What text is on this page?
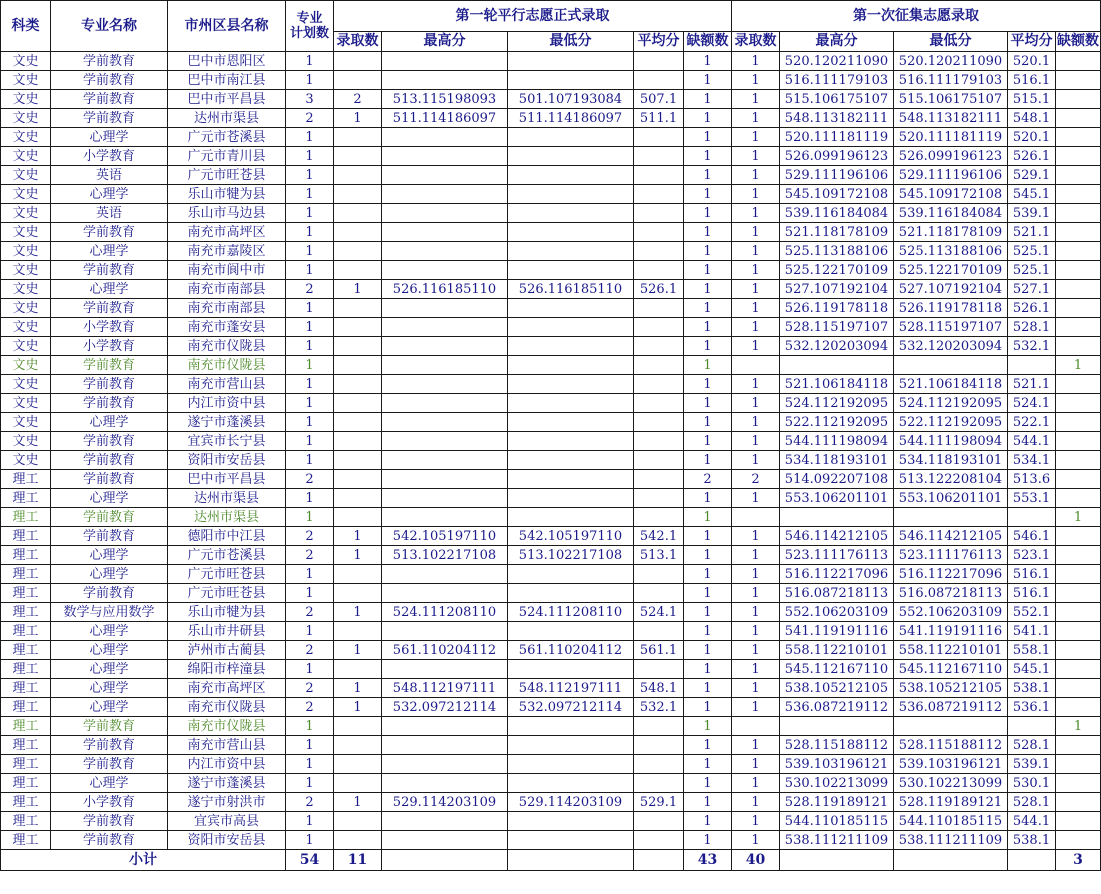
科类	专业名称	市州区县名称	专业
计划数	第一轮平行志愿正式录取					第一次征集志愿录取				
				录取数	最高分	最低分	平均分	缺额数	录取数	最高分	最低分	平均分	缺额数
文史	学前教育	巴中市恩阳区	1					1	1	520.120211090	520.120211090	520.1	
文史	学前教育	巴中市南江县	1					1	1	516.111179103	516.111179103	516.1	
文史	学前教育	巴中市平昌县	3	2	513.115198093	501.107193084	507.1	1	1	515.106175107	515.106175107	515.1	
文史	学前教育	达州市渠县	2	1	511.114186097	511.114186097	511.1	1	1	548.113182111	548.113182111	548.1	
文史	心理学	广元市苍溪县	1					1	1	520.111181119	520.111181119	520.1	
文史	小学教育	广元市青川县	1					1	1	526.099196123	526.099196123	526.1	
文史	英语	广元市旺苍县	1					1	1	529.111196106	529.111196106	529.1	
文史	心理学	乐山市犍为县	1					1	1	545.109172108	545.109172108	545.1	
文史	英语	乐山市马边县	1					1	1	539.116184084	539.116184084	539.1	
文史	学前教育	南充市高坪区	1					1	1	521.118178109	521.118178109	521.1	
文史	心理学	南充市嘉陵区	1					1	1	525.113188106	525.113188106	525.1	
文史	学前教育	南充市阆中市	1					1	1	525.122170109	525.122170109	525.1	
文史	心理学	南充市南部县	2	1	526.116185110	526.116185110	526.1	1	1	527.107192104	527.107192104	527.1	
文史	学前教育	南充市南部县	1					1	1	526.119178118	526.119178118	526.1	
文史	小学教育	南充市蓬安县	1					1	1	528.115197107	528.115197107	528.1	
文史	小学教育	南充市仪陇县	1					1	1	532.120203094	532.120203094	532.1	
文史	学前教育	南充市仪陇县	1					1					1
文史	学前教育	南充市营山县	1					1	1	521.106184118	521.106184118	521.1	
文史	学前教育	内江市资中县	1					1	1	524.112192095	524.112192095	524.1	
文史	心理学	遂宁市蓬溪县	1					1	1	522.112192095	522.112192095	522.1	
文史	学前教育	宜宾市长宁县	1					1	1	544.111198094	544.111198094	544.1	
文史	学前教育	资阳市安岳县	1					1	1	534.118193101	534.118193101	534.1	
理工	学前教育	巴中市平昌县	2					2	2	514.092207108	513.122208104	513.6	
理工	心理学	达州市渠县	1					1	1	553.106201101	553.106201101	553.1	
理工	学前教育	达州市渠县	1					1					1
理工	学前教育	德阳市中江县	2	1	542.105197110	542.105197110	542.1	1	1	546.114212105	546.114212105	546.1	
理工	心理学	广元市苍溪县	2	1	513.102217108	513.102217108	513.1	1	1	523.111176113	523.111176113	523.1	
理工	心理学	广元市旺苍县	1					1	1	516.112217096	516.112217096	516.1	
理工	学前教育	广元市旺苍县	1					1	1	516.087218113	516.087218113	516.1	
理工	数学与应用数学	乐山市犍为县	2	1	524.111208110	524.111208110	524.1	1	1	552.106203109	552.106203109	552.1	
理工	心理学	乐山市井研县	1					1	1	541.119191116	541.119191116	541.1	
理工	心理学	泸州市古蔺县	2	1	561.110204112	561.110204112	561.1	1	1	558.112210101	558.112210101	558.1	
理工	心理学	绵阳市梓潼县	1					1	1	545.112167110	545.112167110	545.1	
理工	心理学	南充市高坪区	2	1	548.112197111	548.112197111	548.1	1	1	538.105212105	538.105212105	538.1	
理工	心理学	南充市仪陇县	2	1	532.097212114	532.097212114	532.1	1	1	536.087219112	536.087219112	536.1	
理工	学前教育	南充市仪陇县	1					1					1
理工	学前教育	南充市营山县	1					1	1	528.115188112	528.115188112	528.1	
理工	学前教育	内江市资中县	1					1	1	539.103196121	539.103196121	539.1	
理工	心理学	遂宁市蓬溪县	1					1	1	530.102213099	530.102213099	530.1	
理工	小学教育	遂宁市射洪市	2	1	529.114203109	529.114203109	529.1	1	1	528.119189121	528.119189121	528.1	
理工	学前教育	宜宾市高县	1					1	1	544.110185115	544.110185115	544.1	
理工	学前教育	资阳市安岳县	1					1	1	538.111211109	538.111211109	538.1	
小计			54	11				43	40				3
